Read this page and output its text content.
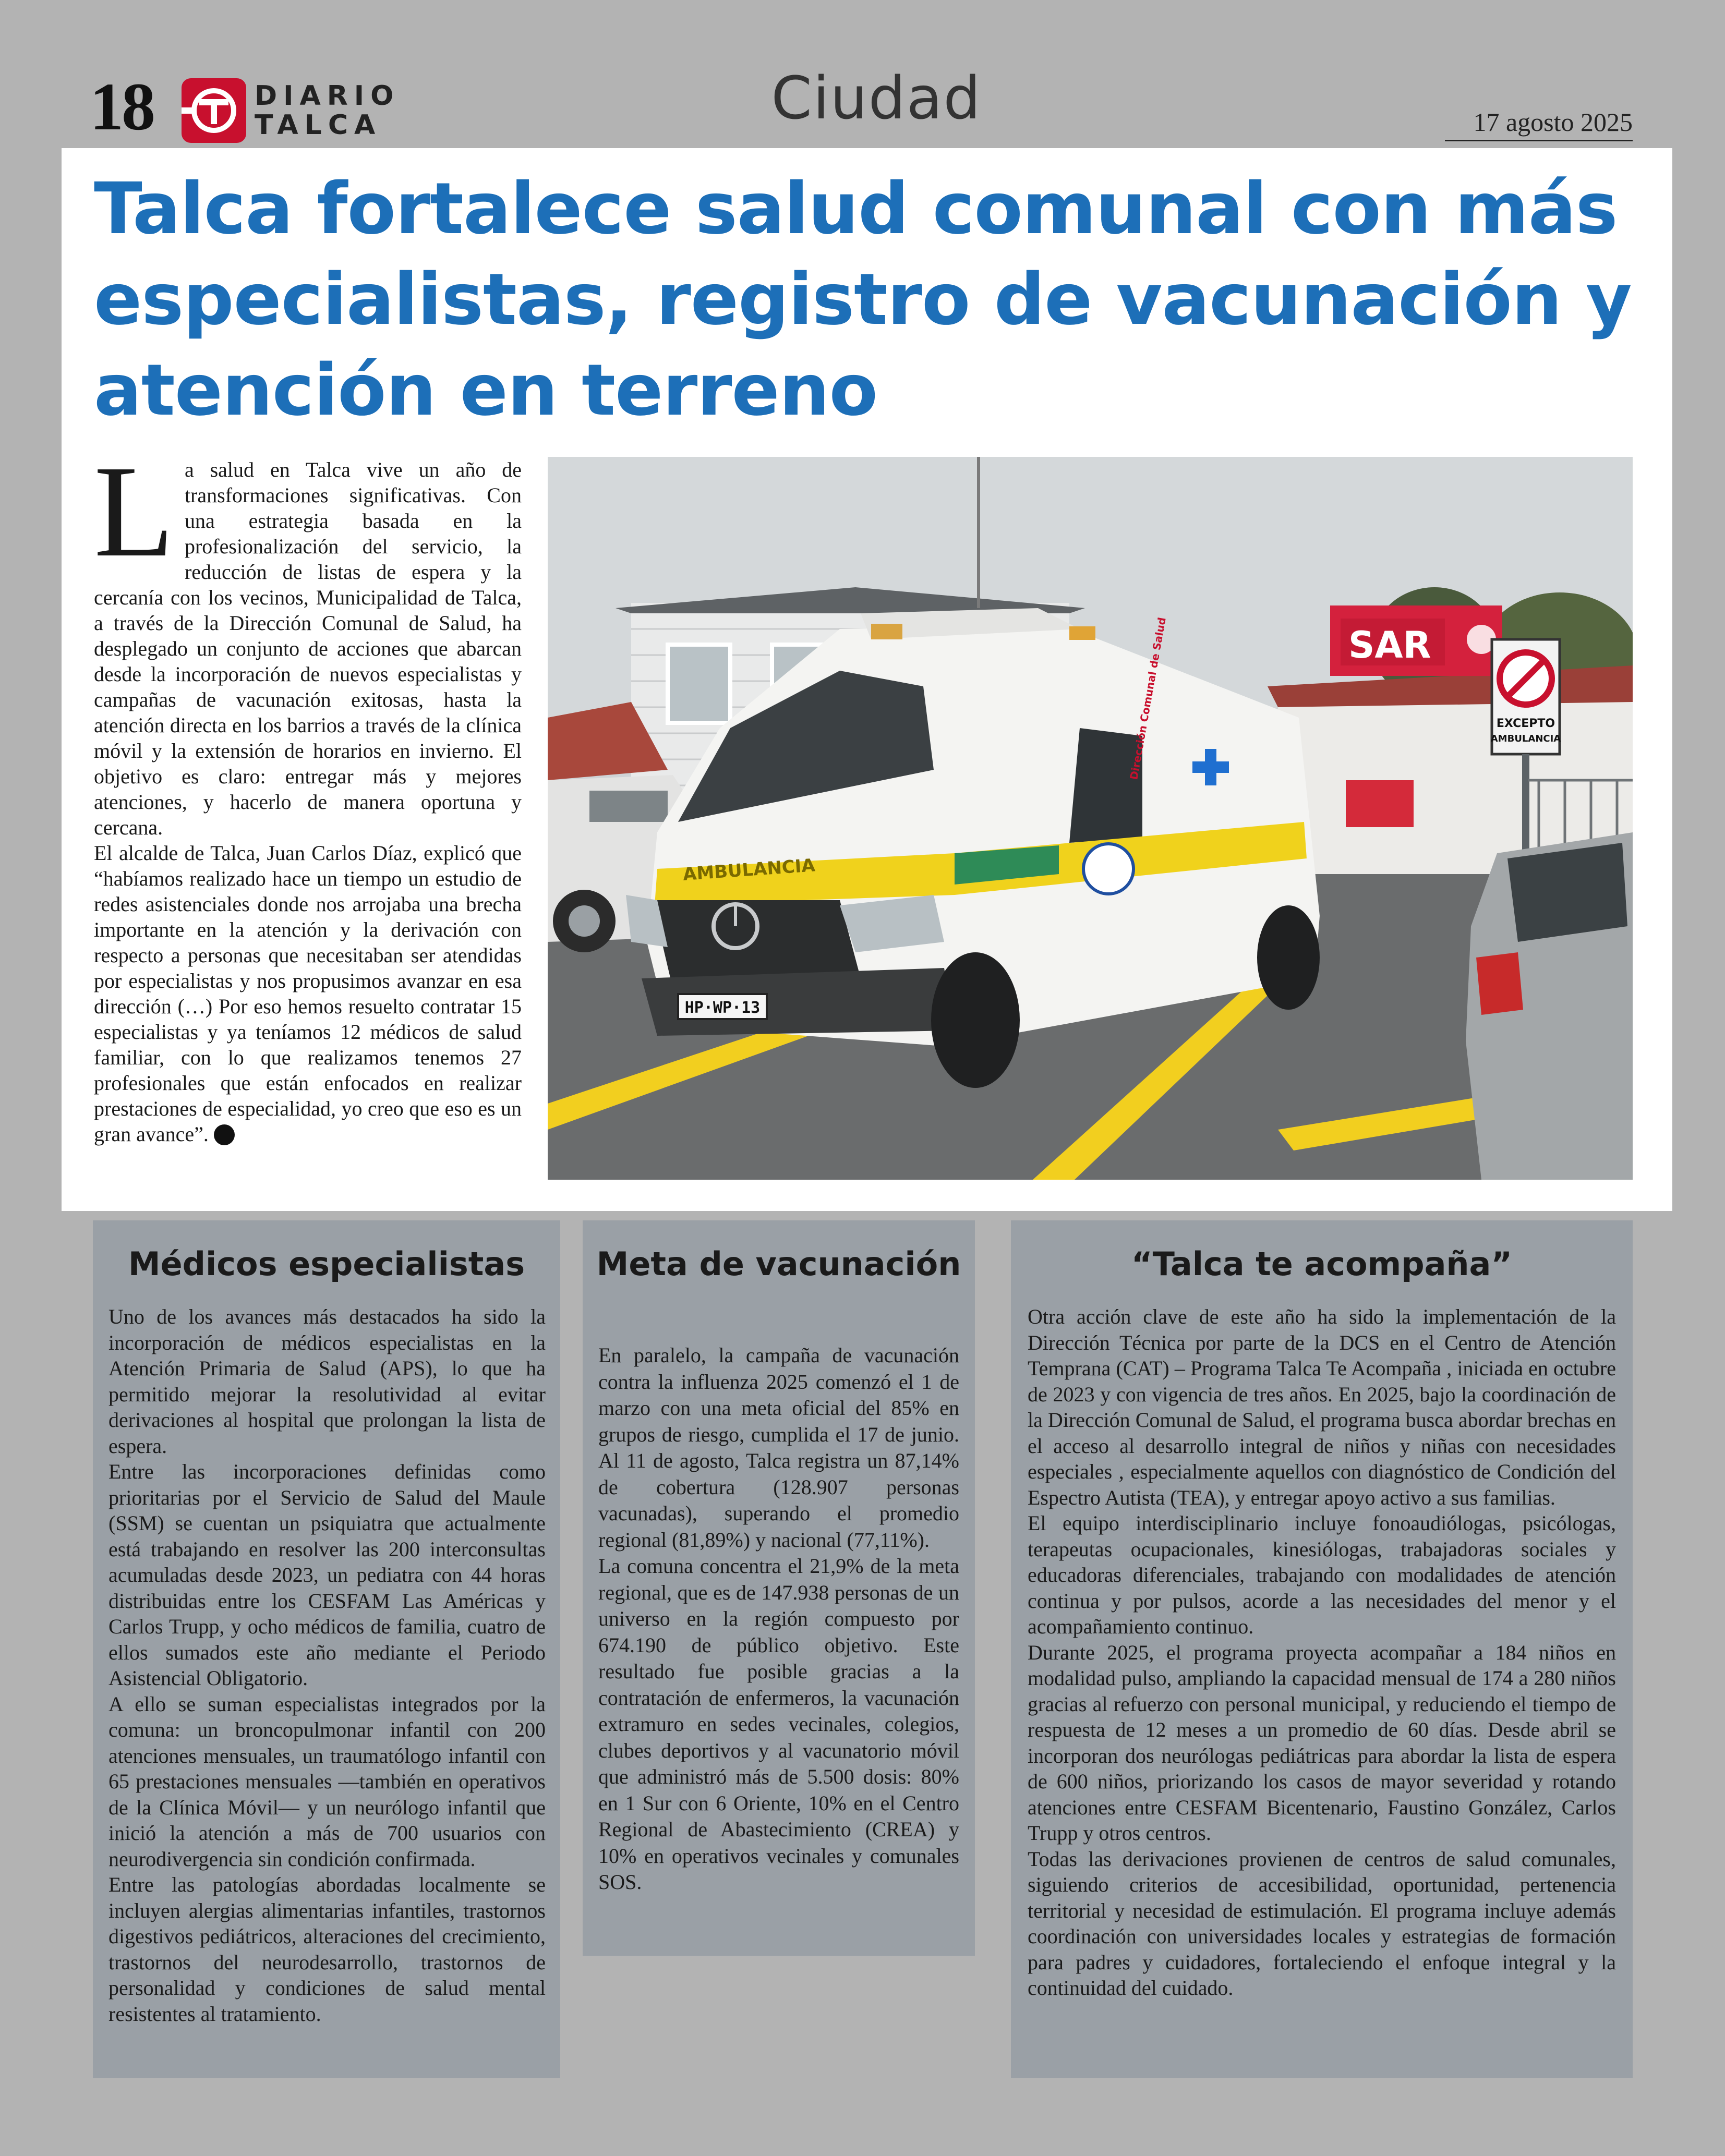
18	DIARIO
TALCA	Ciudad	17 agosto 2025
Talca fortalece salud comunal con más especialistas, registro de vacunación y atención en terreno

La salud en Talca vive un año de transformaciones significativas. Con una estrategia basada en la profesionalización del servicio, la reducción de listas de espera y la cercanía con los vecinos, Municipalidad de Talca, a través de la Dirección Comunal de Salud, ha desplegado un conjunto de acciones que abarcan desde la incorporación de nuevos especialistas y campañas de vacunación exitosas, hasta la atención directa en los barrios a través de la clínica móvil y la extensión de horarios en invierno. El objetivo es claro: entregar más y mejores atenciones, y hacerlo de manera oportuna y cercana.

El alcalde de Talca, Juan Carlos Díaz, explicó que “habíamos realizado hace un tiempo un estudio de redes asistenciales donde nos arrojaba una brecha importante en la atención y la derivación con respecto a personas que necesitaban ser atendidas por especialistas y nos propusimos avanzar en esa dirección (…) Por eso hemos resuelto contratar 15 especialistas y ya teníamos 12 médicos de salud familiar, con lo que realizamos tenemos 27 profesionales que están enfocados en realizar prestaciones de especialidad, yo creo que eso es un gran avance”.

SAR
EXCEPTO
AMBULANCIA
AMBULANCIA
Dirección Comunal de Salud
HP·WP·13
Médicos especialistas

Uno de los avances más destacados ha sido la incorporación de médicos especialistas en la Atención Primaria de Salud (APS), lo que ha permitido mejorar la resolutividad al evitar derivaciones al hospital que prolongan la lista de espera.

Entre las incorporaciones definidas como prioritarias por el Servicio de Salud del Maule (SSM) se cuentan un psiquiatra que actualmente está trabajando en resolver las 200 interconsultas acumuladas desde 2023, un pediatra con 44 horas distribuidas entre los CESFAM Las Américas y Carlos Trupp, y ocho médicos de familia, cuatro de ellos sumados este año mediante el Periodo Asistencial Obligatorio.

A ello se suman especialistas integrados por la comuna: un broncopulmonar infantil con 200 atenciones mensuales, un traumatólogo infantil con 65 prestaciones mensuales —también en operativos de la Clínica Móvil— y un neurólogo infantil que inició la atención a más de 700 usuarios con neurodivergencia sin condición confirmada.

Entre las patologías abordadas localmente se incluyen alergias alimentarias infantiles, trastornos digestivos pediátricos, alteraciones del crecimiento, trastornos del neurodesarrollo, trastornos de personalidad y condiciones de salud mental resistentes al tratamiento.

Meta de vacunación

En paralelo, la campaña de vacunación contra la influenza 2025 comenzó el 1 de marzo con una meta oficial del 85% en grupos de riesgo, cumplida el 17 de junio. Al 11 de agosto, Talca registra un 87,14% de cobertura (128.907 personas vacunadas), superando el promedio regional (81,89%) y nacional (77,11%).

La comuna concentra el 21,9% de la meta regional, que es de 147.938 personas de un universo en la región compuesto por 674.190 de público objetivo. Este resultado fue posible gracias a la contratación de enfermeros, la vacunación extramuro en sedes vecinales, colegios, clubes deportivos y al vacunatorio móvil que administró más de 5.500 dosis: 80% en 1 Sur con 6 Oriente, 10% en el Centro Regional de Abastecimiento (CREA) y 10% en operativos vecinales y comunales SOS.

“Talca te acompaña”

Otra acción clave de este año ha sido la implementación de la Dirección Técnica por parte de la DCS en el Centro de Atención Temprana (CAT) – Programa Talca Te Acompaña , iniciada en octubre de 2023 y con vigencia de tres años. En 2025, bajo la coordinación de la Dirección Comunal de Salud, el programa busca abordar brechas en el acceso al desarrollo integral de niños y niñas con necesidades especiales , especialmente aquellos con diagnóstico de Condición del Espectro Autista (TEA), y entregar apoyo activo a sus familias.

El equipo interdisciplinario incluye fonoaudiólogas, psicólogas, terapeutas ocupacionales, kinesiólogas, trabajadoras sociales y educadoras diferenciales, trabajando con modalidades de atención continua y por pulsos, acorde a las necesidades del menor y el acompañamiento continuo.

Durante 2025, el programa proyecta acompañar a 184 niños en modalidad pulso, ampliando la capacidad mensual de 174 a 280 niños gracias al refuerzo con personal municipal, y reduciendo el tiempo de respuesta de 12 meses a un promedio de 60 días. Desde abril se incorporan dos neurólogas pediátricas para abordar la lista de espera de 600 niños, priorizando los casos de mayor severidad y rotando atenciones entre CESFAM Bicentenario, Faustino González, Carlos Trupp y otros centros.

Todas las derivaciones provienen de centros de salud comunales, siguiendo criterios de accesibilidad, oportunidad, pertenencia territorial y necesidad de estimulación. El programa incluye además coordinación con universidades locales y estrategias de formación para padres y cuidadores, fortaleciendo el enfoque integral y la continuidad del cuidado.
